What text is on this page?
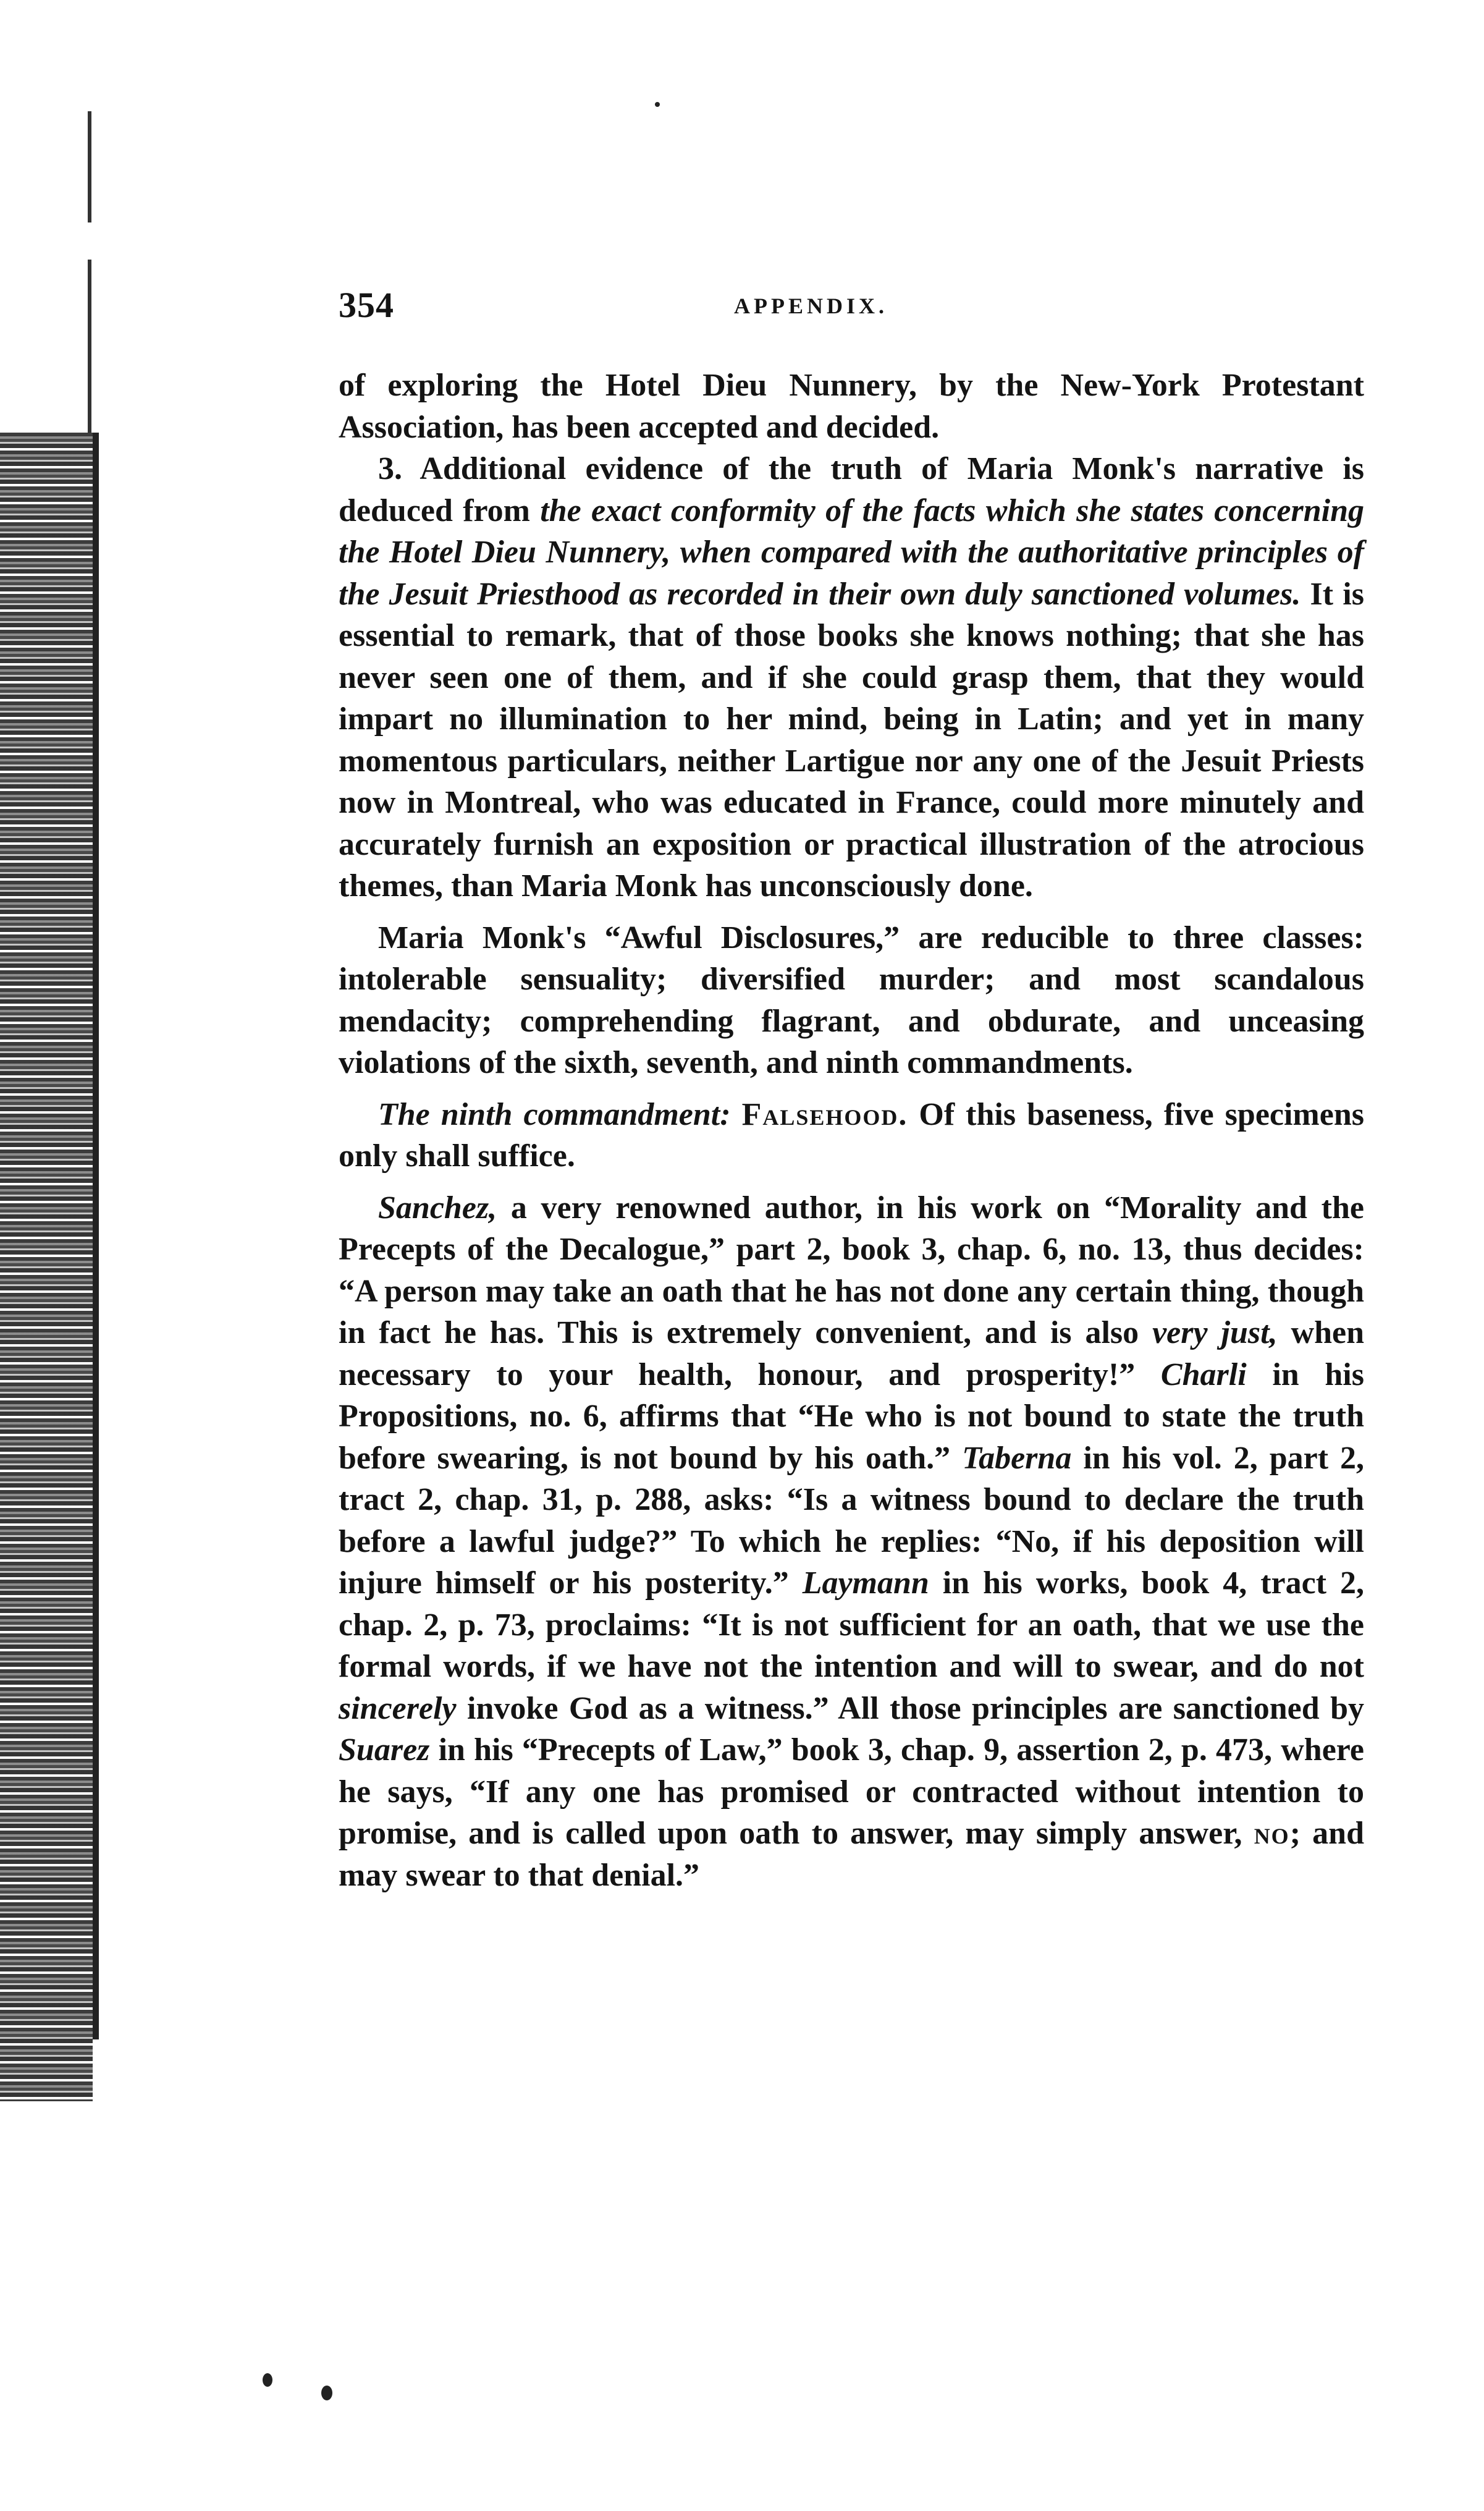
354	APPENDIX.

of exploring the Hotel Dieu Nunnery, by the New-York Protestant Association, has been accepted and decided.

3. Additional evidence of the truth of Maria Monk's narrative is deduced from the exact conformity of the facts which she states concerning the Hotel Dieu Nunnery, when compared with the authoritative principles of the Jesuit Priesthood as recorded in their own duly sanctioned volumes. It is essential to remark, that of those books she knows nothing; that she has never seen one of them, and if she could grasp them, that they would impart no illumination to her mind, being in Latin; and yet in many momentous particulars, neither Lartigue nor any one of the Jesuit Priests now in Montreal, who was educated in France, could more minutely and accurately furnish an exposition or practical illustration of the atrocious themes, than Maria Monk has unconsciously done.

Maria Monk's “Awful Disclosures,” are reducible to three classes: intolerable sensuality; diversified murder; and most scandalous mendacity; comprehending flagrant, and obdurate, and unceasing violations of the sixth, seventh, and ninth commandments.

The ninth commandment: Falsehood. Of this baseness, five specimens only shall suffice.

Sanchez, a very renowned author, in his work on “Morality and the Precepts of the Decalogue,” part 2, book 3, chap. 6, no. 13, thus decides: “A person may take an oath that he has not done any certain thing, though in fact he has. This is extremely convenient, and is also very just, when necessary to your health, honour, and prosperity!” Charli in his Propositions, no. 6, affirms that “He who is not bound to state the truth before swearing, is not bound by his oath.” Taberna in his vol. 2, part 2, tract 2, chap. 31, p. 288, asks: “Is a witness bound to declare the truth before a lawful judge?” To which he replies: “No, if his deposition will injure himself or his posterity.” Laymann in his works, book 4, tract 2, chap. 2, p. 73, proclaims: “It is not sufficient for an oath, that we use the formal words, if we have not the intention and will to swear, and do not sincerely invoke God as a witness.” All those principles are sanctioned by Suarez in his “Precepts of Law,” book 3, chap. 9, assertion 2, p. 473, where he says, “If any one has promised or contracted without intention to promise, and is called upon oath to answer, may simply answer, no; and may swear to that denial.”
